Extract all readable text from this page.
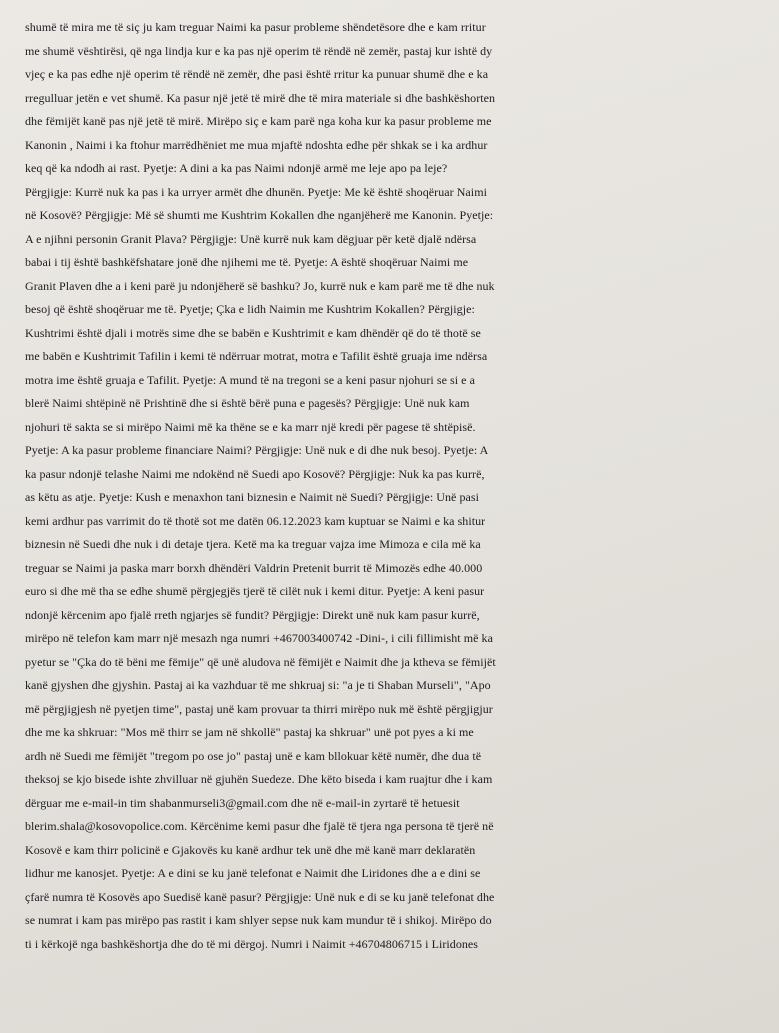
shumë të mira me të siç ju kam treguar Naimi ka pasur probleme shëndetësore dhe e kam rritur
me shumë vështirësi, që nga lindja kur e ka pas një operim të rëndë në zemër, pastaj kur ishtë dy
vjeç e ka pas edhe një operim të rëndë në zemër, dhe pasi është rritur ka punuar shumë dhe e ka
rregulluar jetën e vet shumë. Ka pasur një jetë të mirë dhe të mira materiale si dhe bashkëshorten
dhe fëmijët kanë pas një jetë të mirë. Mirëpo siç e kam parë nga koha kur ka pasur probleme me
Kanonin , Naimi i ka ftohur marrëdhëniet me mua mjaftë ndoshta edhe për shkak se i ka ardhur
keq që ka ndodh ai rast. Pyetje: A dini a ka pas Naimi ndonjë armë me leje apo pa leje?
Përgjigje: Kurrë nuk ka pas i ka urryer armët dhe dhunën. Pyetje: Me kë është shoqëruar Naimi
në Kosovë? Përgjigje: Më së shumti me Kushtrim Kokallen dhe nganjëherë me Kanonin. Pyetje:
A e njihni personin Granit Plava? Përgjigje: Unë kurrë nuk kam dëgjuar për ketë djalë ndërsa
babai i tij është bashkëfshatare jonë dhe njihemi me të. Pyetje: A është shoqëruar Naimi me
Granit Plaven dhe a i keni parë ju ndonjëherë së bashku? Jo, kurrë nuk e kam parë me të dhe nuk
besoj që është shoqëruar me të. Pyetje; Çka e lidh Naimin me Kushtrim Kokallen? Përgjigje:
Kushtrimi është djali i motrës sime dhe se babën e Kushtrimit e kam dhëndër që do të thotë se
me babën e Kushtrimit Tafilin i kemi të ndërruar motrat, motra e Tafilit është gruaja ime ndërsa
motra ime është gruaja e Tafilit. Pyetje: A mund të na tregoni se a keni pasur njohuri se si e a
blerë Naimi shtëpinë në Prishtinë dhe si është bërë puna e pagesës? Përgjigje: Unë nuk kam
njohuri të sakta se si mirëpo Naimi më ka thëne se e ka marr një kredi për pagese të shtëpisë.
Pyetje: A ka pasur probleme financiare Naimi? Përgjigje: Unë nuk e di dhe nuk besoj. Pyetje: A
ka pasur ndonjë telashe Naimi me ndokënd në Suedi apo Kosovë? Përgjigje: Nuk ka pas kurrë,
as këtu as atje. Pyetje: Kush e menaxhon tani biznesin e Naimit në Suedi? Përgjigje: Unë pasi
kemi ardhur pas varrimit do të thotë sot me datën 06.12.2023 kam kuptuar se Naimi e ka shitur
biznesin në Suedi dhe nuk i di detaje tjera. Ketë ma ka treguar vajza ime Mimoza e cila më ka
treguar se Naimi ja paska marr borxh dhëndëri Valdrin Pretenit burrit të Mimozës edhe 40.000
euro si dhe më tha se edhe shumë përgjegjës tjerë të cilët nuk i kemi ditur. Pyetje: A keni pasur
ndonjë kërcenim apo fjalë rreth ngjarjes së fundit? Përgjigje: Direkt unë nuk kam pasur kurrë,
mirëpo në telefon kam marr një mesazh nga numri +467003400742 -Dini-, i cili fillimisht më ka
pyetur se "Çka do të bëni me fëmije" që unë aludova në fëmijët e Naimit dhe ja ktheva se fëmijët
kanë gjyshen dhe gjyshin. Pastaj ai ka vazhduar të me shkruaj si: "a je ti Shaban Murseli", "Apo
më përgjigjesh në pyetjen time", pastaj unë kam provuar ta thirri mirëpo nuk më është përgjigjur
dhe me ka shkruar: "Mos më thirr se jam në shkollë" pastaj ka shkruar" unë pot pyes a ki me
ardh në Suedi me fëmijët "tregom po ose jo" pastaj unë e kam bllokuar këtë numër, dhe dua të
theksoj se kjo bisede ishte zhvilluar në gjuhën Suedeze. Dhe këto biseda i kam ruajtur dhe i kam
dërguar me e-mail-in tim shabanmurseli3@gmail.com dhe në e-mail-in zyrtarë të hetuesit
blerim.shala@kosovopolice.com. Kërcënime kemi pasur dhe fjalë të tjera nga persona të tjerë në
Kosovë e kam thirr policinë e Gjakovës ku kanë ardhur tek unë dhe më kanë marr deklaratën
lidhur me kanosjet. Pyetje: A e dini se ku janë telefonat e Naimit dhe Liridones dhe a e dini se
çfarë numra të Kosovës apo Suedisë kanë pasur? Përgjigje: Unë nuk e di se ku janë telefonat dhe
se numrat i kam pas mirëpo pas rastit i kam shlyer sepse nuk kam mundur të i shikoj. Mirëpo do
ti i kërkojë nga bashkëshortja dhe do të mi dërgoj. Numri i Naimit +46704806715 i Liridones
